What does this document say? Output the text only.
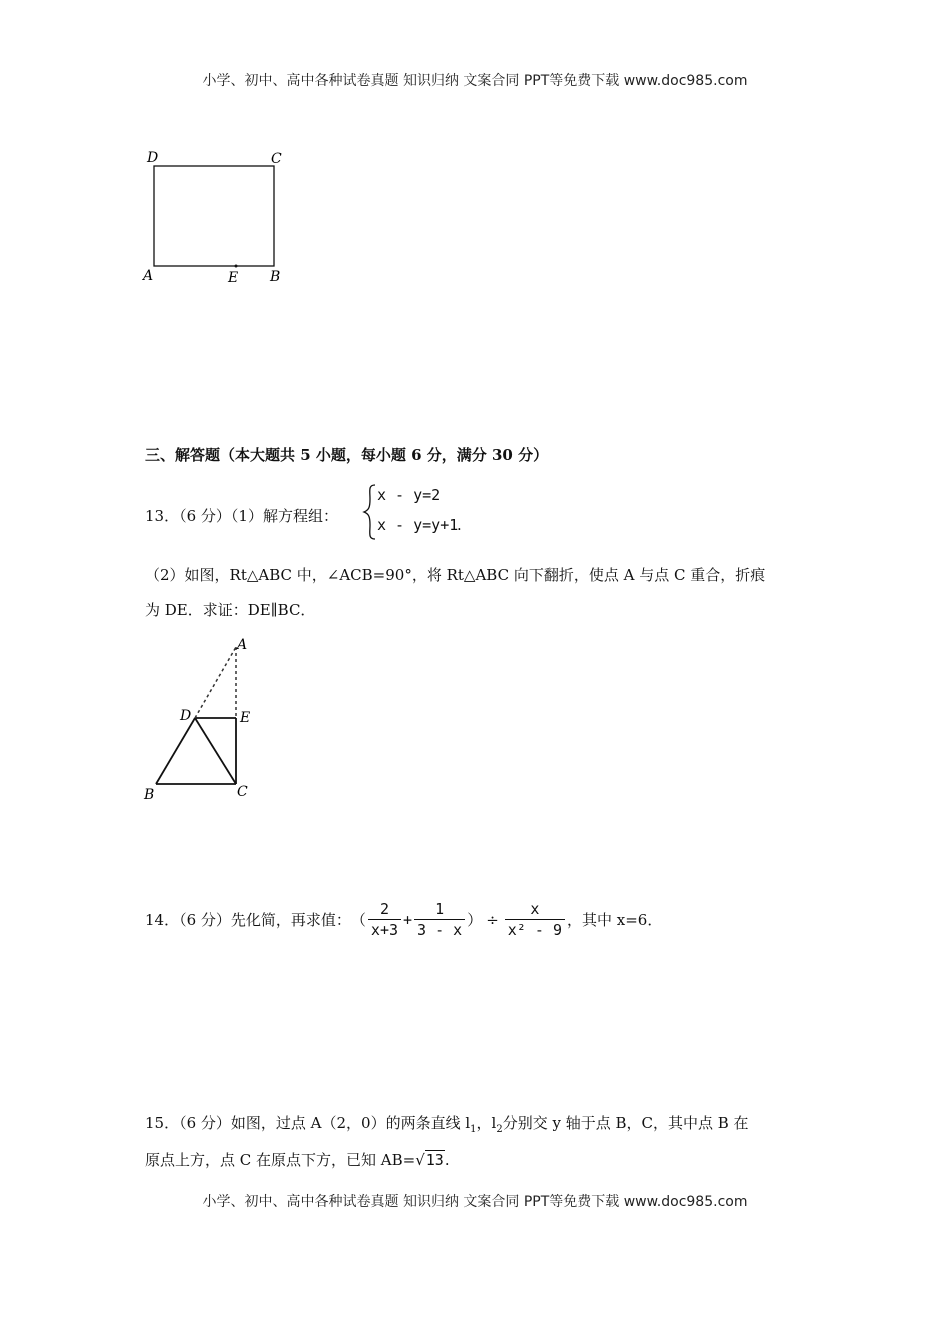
小学、初中、高中各种试卷真题 知识归纳 文案合同 PPT等免费下载 www.doc985.com
D	C
A	E B
三、解答题（本大题共 5 小题，每小题 6 分，满分 30 分）
13．（6 分）（1）解方程组：
x - y=2
x - y=y+1
.
（2）如图，Rt△ABC 中，∠ACB=90°，将 Rt△ABC 向下翻折，使点 A 与点 C 重合，折痕
为 DE．求证：DE∥BC．
A
D	E
B	C
14．（6 分）先化简，再求值： （ $\frac{2}{x+3} + \frac{1}{3 - x}$ ） ÷ $\frac{x}{\text{x² - 9}}$ ，其中 x=6．
15．（6 分）如图，过点 A（2，0）的两条直线 $l_1$，$l_2$分别交 y 轴于点 B，C，其中点 B 在
原点上方，点 C 在原点下方，已知 AB=√13.
小学、初中、高中各种试卷真题 知识归纳 文案合同 PPT等免费下载 www.doc985.com
